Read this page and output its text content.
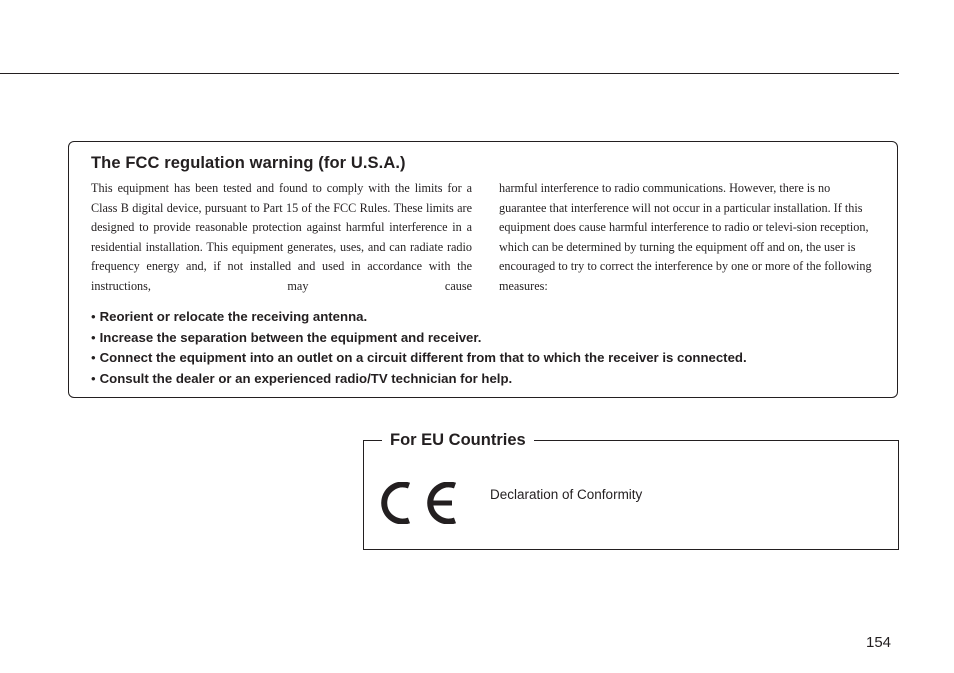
The FCC regulation warning (for U.S.A.)

This equipment has been tested and found to comply with the limits for a Class B digital device, pursuant to Part 15 of the FCC Rules. These limits are designed to provide reasonable protection against harmful interference in a residential installation. This equipment generates, uses, and can radiate radio frequency energy and, if not installed and used in accordance with the instructions, may cause

harmful interference to radio communications. However, there is no guarantee that interference will not occur in a particular installation. If this equipment does cause harmful interference to radio or televi-sion reception, which can be determined by turning the equipment off and on, the user is encouraged to try to correct the interference by one or more of the following measures:

• Reorient or relocate the receiving antenna.
• Increase the separation between the equipment and receiver.
• Connect the equipment into an outlet on a circuit different from that to which the receiver is connected.
• Consult the dealer or an experienced radio/TV technician for help.
For EU Countries
Declaration of Conformity
154
